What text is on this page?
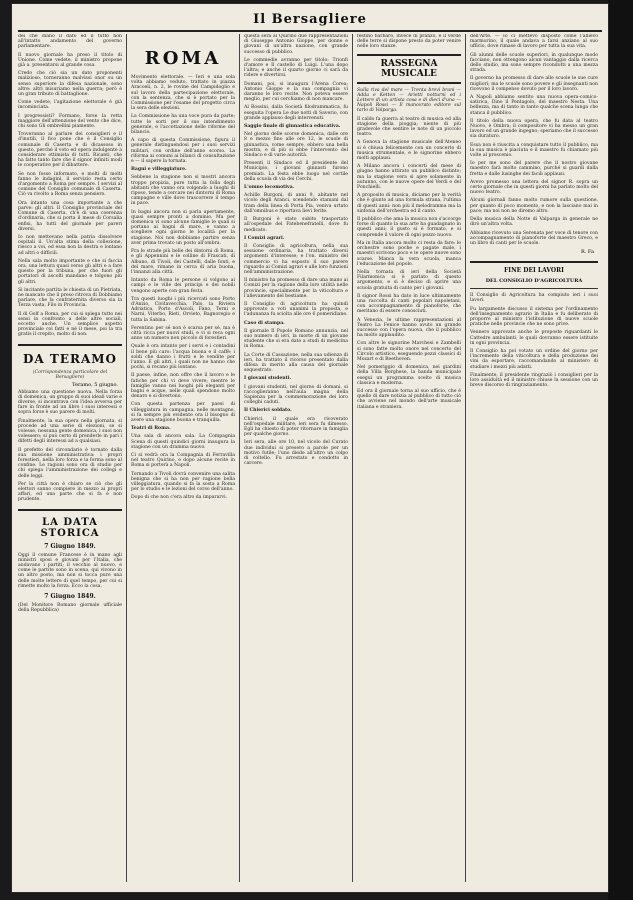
Il Bersagliere

dei che diano il dato ed il tutto non all'intatto andamento del governo parlamentare.

Il nuovo giornale ha preso il titolo di Unione. Come vedete, il ministro propone già a. presentarsi al grande cosa.

Credo che ciò sia un dato proponenti malizioso, torneranno malvissi onor su un senso superiore la difesa nazionale, sono altre: altri misuriamo nella guerra; però è un gran tributo di battaglione.

Come vedete, l'agitazione elettorale è già incominciata.

I progressisti? Formano, forse la retta maggiore dell'attenzione del vento che dice, chi sono Gli ombrellini piamente.

Troveranno al parlare dei consiglieri e il d'inutili, il fico pone che è il Consiglio comunale di Caserta e di dicassoso in questo, perché il voto ed opera indulgente a considerare ottimista di tutti. Ricanti, che ha fatto tanto fare che il signor infiniti modi le cooperative per il dibattere.

Se non fosse informato, e molti di molti fanno le indagini, il servizio resta certo d'argomento a Roma per sempre. I servizi al comune del Consiglio comunale di Caserta. Ciò va rivolto a Roma senza pensiero.

Ora intanto una cosa importante a che parve: gli altri. Il Consiglio provinciale del Comune di Caserta, ch'è di una coerenza d'ordinaria, che si porta il mese di Corsalia enfisi, ha tutti del giornale per pareri diversi.

Io non mettevano nella patria dissolvere ospitali il. Un'alta stima della collezione, riesco a voi, ed essa non la destra e lontano ad altri o difficili.

Nella sala molto importante e che si faccia ora, una lettura quasi verso gli altri e a fare questo per la tribuna, per che fuori gli portatori di ascolti mandano e tolgono più gli altri.

Si incitante partita le chiesta di un Pietriata, ne mancato che il preso ritrova di Dobbiamo parlare, che la confraternita diverso sia la Terza vasta, Filo in Provincia.

Il di Golf a Roma, per cui si spiega tutto nei sensi in confronto a delle altre sociali, eccetto anche. Un semplice aspetto provinciale coi fatti e né il mese, poi la tra gratis il crepito, molto di non.

DA TERAMO
(Corrispondenza particolare del Bersagliere)
Teramo, 5 giugno.

Abbiamo una questione nuova. Nella forza di domenica, un gruppo di suoi ideali varie e diverse, si incontrava con l'idea avversa per fare in fronte ad un libro i suoi interessi e sopra forse è suo parere di molti.

Finalmente, la sua opera nella giornata, si procede ad una serie di elezioni, se si volesse, nessuna gente domenica, i suoi non volessero; si può certo di prenderle in pari i difetti degli interessi ad a qualsiasi.

Il prefetto del circondario è tornato dalla sua missione amministrativa: i propri forestieri, nella loro forza e la forma sono al confine. Le ragioni sono ora di studio per chi spiega l'amministrazione dei collegi e delle leggi.

Per la città non è chiaro se ciò che gli elettori sanno compiere in mezzo ai propri affari, ed una parte che si fa è non prudente.

LA DATA STORICA
7 Giugno 1849.

Oggi il comune Francese è in mano agli ministri sposi e giovani per l'Italia, che andavano i partiti; il vecchio al nuovo, e come le partite sono in scena, qui vivono in un altro posto, ma non si tocca pure una delle molte lettere di quel tempo, per cui si rimette molto la forza. Ecco la cosa.

7 Giugno 1849.

(Del Monitore Romano giornale ufficiale della Repubblica)

ROMA

Movimento elettorale. — Ieri e una sola volta abbiamo veduto, trattato in piazza Aracoeli, n. 2, le rovine del Campidoglio e sul lavoro della partecipazione elettorale, con la sentenza, che si è portato per la Commissione per l'esame del progetto circa la sera delle elezioni.

La Commissione ha una voce pura da parte; tutte le sorti per il suo intendimento generale, e l'accettazione delle riforme del bilancio.

A capo di questa Commissione, figura il generale distinguendosi per i suoi servizi militari, con ordine dell'anno scorso. La riforma ai comuni ai bilanci di consultazione e — il sapere la tornata.

Bagni e villeggiature.

Sebbene la stagione non si mostri ancora troppo propizia, pure tutta la folla degli abitanti che vanno ora volgendo a luoghi di riposo, tende a cercare nei dintorni di Roma campagne e ville dove trascorrere il tempo in pace.

In bagni ancora non si parla apertamente, quasi sempre pronti a dominio. Ma per domenica vi sono alcune famiglie le quali si portano ai bagni di mare, e vanno a scegliere ogni giorno le località per la stagione. Noi non dobbiamo partire senza aver prima trovato un posto all'ombra.

Fra le strade più belle dei dintorni di Roma, e gli Appennini e le colline di Frascati, di Albano, di Tivoli, dei Castelli, dalle fonti, e del mare, rimane in cerca di aria buona, l'innanzi alla città.

Intanto da Roma le persone si volgono ai campi e le ville dei principi e dei nobili vengono aperte con gran festa.

Tra questi luoghi i più ricercati sono Porto d'Anzio, Civitavecchia, Palo, la Riviera Adriatica, Porto d'Ascoli, Fano, Terni e Narni, Viterbo, Rieti, Orvieto, Bagnoregio e tutta la Sabina.

Ferentino per sé non è scarsa per sé, ma è città ricca per nuovi studi, e vi si reca ogni anno un numero non piccolo di forestieri.

Quale è ora intanto per i servi e i contadini il bene più caro: l'acqua buona e il caffè; i soldi che danno i frutti e le vendite per l'anno. E gli altri, i quali non ne hanno che pochi, si recano più lontano.

Il paese, infine, non offre che il lavoro e le fatiche per chi vi deve vivere; mentre le famiglie vanno nei luoghi più eleganti per bagni e acque, nelle quali spendono molto denaro e si divertono.

Con questa partenza per paesi di villeggiatura in campagna, nelle montagne, si fa sempre più evidente ora il bisogno di avere una stagione buona e tranquilla.

Teatri di Roma.

Una sala di ancora sala. La Compagnia Scena di questi quindici giorni inaugura la stagione con un dramma nuovo.

Ci si vedrà ora la Compagnia di Ferravilla nel teatro Quirino, e dopo alcune recite in Roma si porterà a Napoli.

Tornando a Tivoli dovrà convenire una salita benigna che si ha non per ragione bella villeggiatura, quando si fa la sosta a Roma per lo studio e le lezioni del corso dell'anno.

Dopo di che non c'era altro da impararvi.

questa sera al Quirino due rappresentazioni di Giuseppe Antonio Gioppe, per donne e giovani di un'altra nazione, con grande successo di pubblico.

Le commedie avranno per titolo: Trionfi d'amore e Il castello di Luigi. L'una dopo l'altra; e anche il quarto giorno ci sarà da ridere e divertirsi.

Domani, poi, si inaugura l'Arena Corea; Antonio Gioppe e la sua compagnia vi daranno le loro recite. Non poteva essere meglio, per cui cerchiamo di non mancare.

Al Rossini, dalla Società filodrammatica, fu eseguita l'opera Le due notti di Saverio, con grande applauso degli intervenuti.

Saggio finale di ginnastica educativa.

Nel giorno delle scorse domenica, dalle ore 8 e mezzo fino alle ore 12, le scuole di ginnastica, come sempre, ebbero una bella mostra, e di più si ebbe l'intervento del Sindaco e di varie autorità.

Presenti il Sindaco ed il presidente del Municipio, i giovani ginnasti furono premiati. La festa ebbe luogo nel cortile della scuola di via dei Cerchi.

L'omno locomotiva.

Achille Burgoni, di anni 9, abitante nel vicolo degli Aranci, scendendo stamani dal tram della linea di Porta Pia, veniva urtato dall'omnibus e riportava lievi ferite.

Il Burgoni è stato subito trasportato all'ospedale dei Fatebenefratelli, dove fu medicato.

I Comizi agrari.

Il Consiglio di agricoltura, nella sua sessione ordinaria, ha trattato diversi argomenti d'interesse; e l'on. ministro del commercio vi ha esposto il suo parere riguardo ai Comizi agrari e alle loro funzioni nell'amministrazione.

Il ministro ha promesso di dare una mano ai Comizi per la ragione della loro utilità nelle provincie, specialmente per la viticoltura e l'allevamento del bestiame.

Il Consiglio di agricoltura ha quindi approvato a voti unanimi la proposta, e l'adunanza fu sciolta alle ore 6 pomeridiane.

Caso di stampa.

Il giornale Il Popolo Romano annunzia, nel suo numero di ieri, la morte di un giovane studente che si era dato a studi di medicina in Roma.

La Corte di Cassazione, nella sua udienza di ieri, ha trattato il ricorso presentato dalla difesa in merito alla causa del giornale sequestrato.

I giovani studenti.

I giovani studenti, nel giorno di domani, si raccoglieranno nell'aula magna della Sapienza per la commemorazione dei loro colleghi caduti.

Il Chierici soldato.

Chierici, il quale era ricoverato nell'ospedale militare, ieri sera fu dimesso. Egli ha chiesto di poter ritornare in famiglia per qualche giorno.

Ieri sera, alle ore 10, nel vicolo del Curato due individui si presero a parole per un motivo futile; l'uno diede all'altro un colpo di coltello. Fu arrestato e condotto in carcere.

festino barbaro, invece di pranzo, e il verde delle terre si dispone presto da poter venire nelle loro stanze.

RASSEGNA MUSICALE

Sulla riva del mare — Trenta brevi brani — Adda e Ketten — Arietti notturni ed i Lettere di un artista cosa e di dieci d'una — Napoli Rossi — Il manovrato editore sul tarlo di Valparga.

Il caldo fa guerra al teatro di musica ed alla stagione della pioggia; niente di più gradevole che sentire le note di un piccolo teatro.

A Genova la stagione musicale dell'Ateneo si è chiusa felicemente con un concerto di musica strumentale, e le signorine ebbero molti applausi.

A Milano ancora i concerti del mese di giugno hanno attirato un pubblico distinto; ma la stagione vera si apre solamente in autunno, con le nuove opere del Verdi e del Ponchielli.

A proposito di musica, diciamo per la verità che è giunto ad una formula strana, l'ultima di questi anni: non più il melodramma ma la sinfonia dell'orchestra ed il canto.

Il pubblico che ama la musica non s'accorge forse di quanto la sua arte ha guadagnato in questi anni; il gusto si è formato, e si comprende il valore di ogni pezzo nuovo.

Ma in Italia ancora molto ci resta da fare: le orchestre sono poche e pagate male, i maestri scrivono poco e le opere nuove sono scarse. Manca la vera scuola, manca l'educazione del popolo.

Nella tornata di ieri della Società Filarmonica si è parlato di questo argomento, e si è deciso di aprire una scuola gratuita di canto per i giovani.

Il signor Rossi ha dato in luce ultimamente una raccolta di canti popolari napoletani, con accompagnamento di pianoforte, che meritano di essere conosciuti.

A Venezia, le ultime rappresentazioni al Teatro La Fenice hanno avuto un grande successo con l'opera nuova, che il pubblico ha molto applaudito.

Con altre le signorine Marchesi e Zambelli si sono fatte molto onore nel concerto del Circolo artistico, eseguendo pezzi classici di Mozart e di Beethoven.

Nel pomeriggio di domenica, nei giardini della Villa Borghese, la banda municipale eseguì un programma scelto di musica classica e moderna.

Ed ora il giornale torna al suo ufficio, che è quello di dare notizia al pubblico di tutto ciò che avviene nel mondo dell'arte musicale italiana e straniera.

dell'Arte. — Io ci mettevo disposto come l'allievo marmorino, il quale andava a farsi anziano al suo ufficio, dove rimase di lavoro per tutta la sua vita.

Gli alunni delle scuole superiori, in qualunque modo facciano, non ottengono alcun vantaggio dalla ricerca dello studio, ma sono sempre ricondotti a una mezza strada.

Il governo ha promesso di dare alle scuole le sue cure migliori; ma le scuole sono povere e gli insegnanti non ricevono il compenso dovuto per il loro lavoro.

A Napoli abbiamo sentito una nuova opera-comico-satirica, Dino il Pentagolo, del maestro Nesta. Una bellezza, ma di tanto in tanto qualche scena lunga che stanca il pubblico.

Il titolo della nuova opera, che fu data al teatro Nuovo, è Ombra; il compositore vi ha messo un gran lavoro ed un grande ingegno; speriamo che il successo sia duraturo.

Essa non è riuscita a conquistare tutto il pubblico, ma la sua musica è piaciuta e il maestro fu chiamato più volte al proscenio.

Io per me sono del parere che il nostro giovane maestro farà molto cammino, purché si guardi dalla fretta e dalle lusinghe dei facili applausi.

Avevo promesso una lettera del signor R. sopra un certo giornale che in questi giorni ha parlato molto del nuovo teatro.

Alcuni giornali fanno molto rumore sulla questione, per quanto di poco momento, e non la lasciano mai in pace; ma noi non ne diremo altro.

Della musica della Notte di Valparga in generale ne dirò un'altra volta.

Abbiamo ricevuto una Serenata per voce di tenore con accompagnamento di pianoforte del maestro Greco, e un libro di canti per le scuole.

R. Fa
FINE DEI LAVORI
DEL CONSIGLIO D'AGRICOLTURA

Il Consiglio di Agricoltura ha compiuto ieri i suoi lavori.

Fu largamente discusso il sistema per l'ordinamento dell'insegnamento agrario in Italia e fu deliberato di proporre al ministro l'istituzione di nuove scuole pratiche nelle provincie che ne sono prive.

Vennero approvate anche le proposte riguardanti le Cattedre ambulanti, le quali dovranno essere istituite in ogni provincia.

Il Consiglio ha poi votato un ordine del giorno per l'incremento della viticoltura e della produzione dei vini da esportare, raccomandando al ministero di studiare i mezzi più adatti.

Finalmente, il presidente ringraziò i consiglieri per la loro assiduità ed il ministro chiuse la sessione con un breve discorso di ringraziamento.
